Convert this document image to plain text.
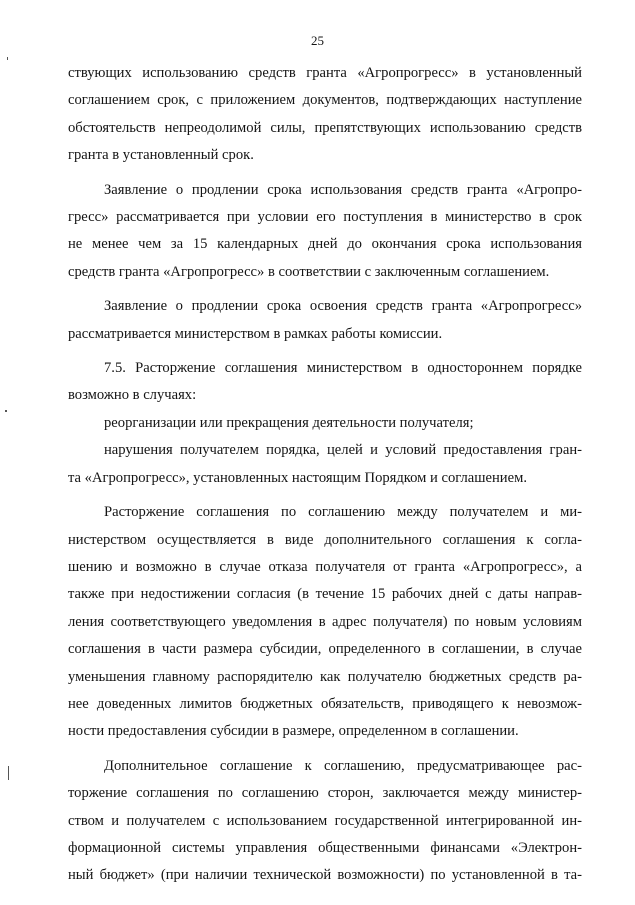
25
ствующих использованию средств гранта «Агропрогресс» в установленный
соглашением срок, с приложением документов, подтверждающих наступление
обстоятельств непреодолимой силы, препятствующих использованию средств
гранта в установленный срок.
Заявление о продлении срока использования средств гранта «Агропро-
гресс» рассматривается при условии его поступления в министерство в срок
не менее чем за 15 календарных дней до окончания срока использования
средств гранта «Агропрогресс» в соответствии с заключенным соглашением.
Заявление о продлении срока освоения средств гранта «Агропрогресс»
рассматривается министерством в рамках работы комиссии.
7.5. Расторжение соглашения министерством в одностороннем порядке
возможно в случаях:
реорганизации или прекращения деятельности получателя;
нарушения получателем порядка, целей и условий предоставления гран-
та «Агропрогресс», установленных настоящим Порядком и соглашением.
Расторжение соглашения по соглашению между получателем и ми-
нистерством осуществляется в виде дополнительного соглашения к согла-
шению и возможно в случае отказа получателя от гранта «Агропрогресс», а
также при недостижении согласия (в течение 15 рабочих дней с даты направ-
ления соответствующего уведомления в адрес получателя) по новым условиям
соглашения в части размера субсидии, определенного в соглашении, в случае
уменьшения главному распорядителю как получателю бюджетных средств ра-
нее доведенных лимитов бюджетных обязательств, приводящего к невозмож-
ности предоставления субсидии в размере, определенном в соглашении.
Дополнительное соглашение к соглашению, предусматривающее рас-
торжение соглашения по соглашению сторон, заключается между министер-
ством и получателем с использованием государственной интегрированной ин-
формационной системы управления общественными финансами «Электрон-
ный бюджет» (при наличии технической возможности) по установленной в та-
